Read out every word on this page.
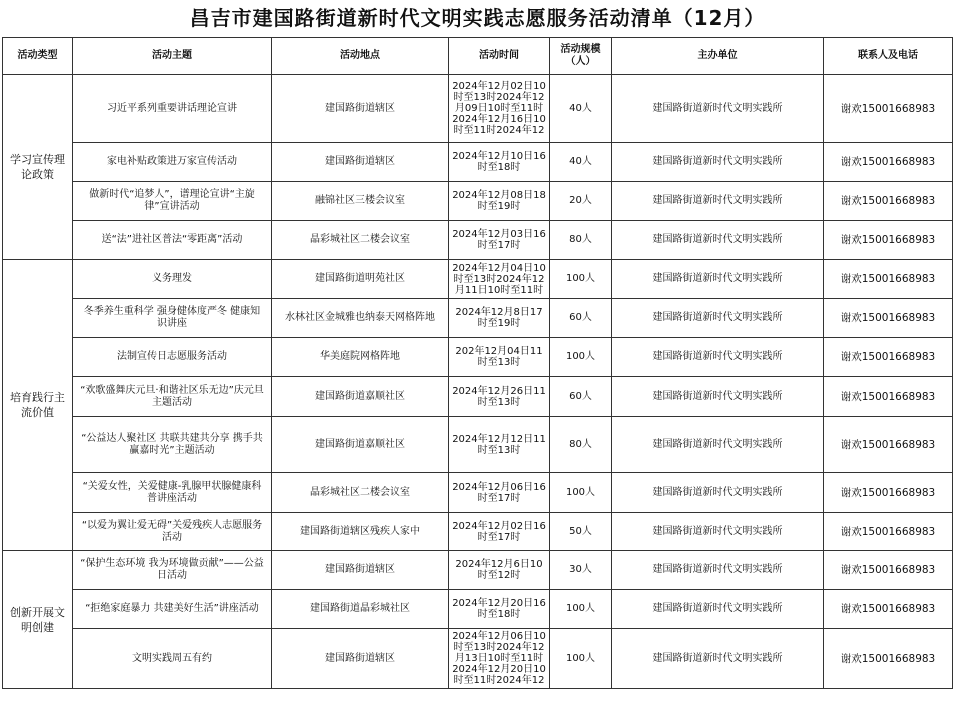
昌吉市建国路街道新时代文明实践志愿服务活动清单（12月）
活动类型	活动主题	活动地点	活动时间	活动规模（人）	主办单位	联系人及电话
学习宣传理论政策	习近平系列重要讲话理论宣讲	建国路街道辖区	2024年12月02日10时至13时2024年12月09日10时至11时2024年12月16日10时至11时2024年12	40人	建国路街道新时代文明实践所	谢欢15001668983
	家电补贴政策进万家宣传活动	建国路街道辖区	2024年12月10日16时至18时	40人	建国路街道新时代文明实践所	谢欢15001668983
	做新时代“追梦人”，谱理论宣讲“主旋律”宣讲活动	融锦社区三楼会议室	2024年12月08日18时至19时	20人	建国路街道新时代文明实践所	谢欢15001668983
	送“法”进社区普法“零距离”活动	晶彩城社区二楼会议室	2024年12月03日16时至17时	80人	建国路街道新时代文明实践所	谢欢15001668983
培育践行主流价值	义务理发	建国路街道明苑社区	2024年12月04日10时至13时2024年12月11日10时至11时	100人	建国路街道新时代文明实践所	谢欢15001668983
	冬季养生重科学 强身健体度严冬 健康知识讲座	水林社区金城雅也纳泰天网格阵地	2024年12月8日17时至19时	60人	建国路街道新时代文明实践所	谢欢15001668983
	法制宣传日志愿服务活动	华美庭院网格阵地	202年12月04日11时至13时	100人	建国路街道新时代文明实践所	谢欢15001668983
	“欢歌盛舞庆元旦·和谐社区乐无边”庆元旦主题活动	建国路街道嘉顺社区	2024年12月26日11时至13时	60人	建国路街道新时代文明实践所	谢欢15001668983
	“公益达人聚社区 共联共建共分享 携手共赢嘉时光”主题活动	建国路街道嘉顺社区	2024年12月12日11时至13时	80人	建国路街道新时代文明实践所	谢欢15001668983
	“关爱女性，关爱健康-乳腺甲状腺健康科普讲座活动	晶彩城社区二楼会议室	2024年12月06日16时至17时	100人	建国路街道新时代文明实践所	谢欢15001668983
	“以爱为翼让爱无碍”关爱残疾人志愿服务活动	建国路街道辖区残疾人家中	2024年12月02日16时至17时	50人	建国路街道新时代文明实践所	谢欢15001668983
创新开展文明创建	“保护生态环境 我为环境做贡献”——公益日活动	建国路街道辖区	2024年12月6日10时至12时	30人	建国路街道新时代文明实践所	谢欢15001668983
	“拒绝家庭暴力 共建美好生活”讲座活动	建国路街道晶彩城社区	2024年12月20日16时至18时	100人	建国路街道新时代文明实践所	谢欢15001668983
	文明实践周五有约	建国路街道辖区	2024年12月06日10时至13时2024年12月13日10时至11时2024年12月20日10时至11时2024年12	100人	建国路街道新时代文明实践所	谢欢15001668983
